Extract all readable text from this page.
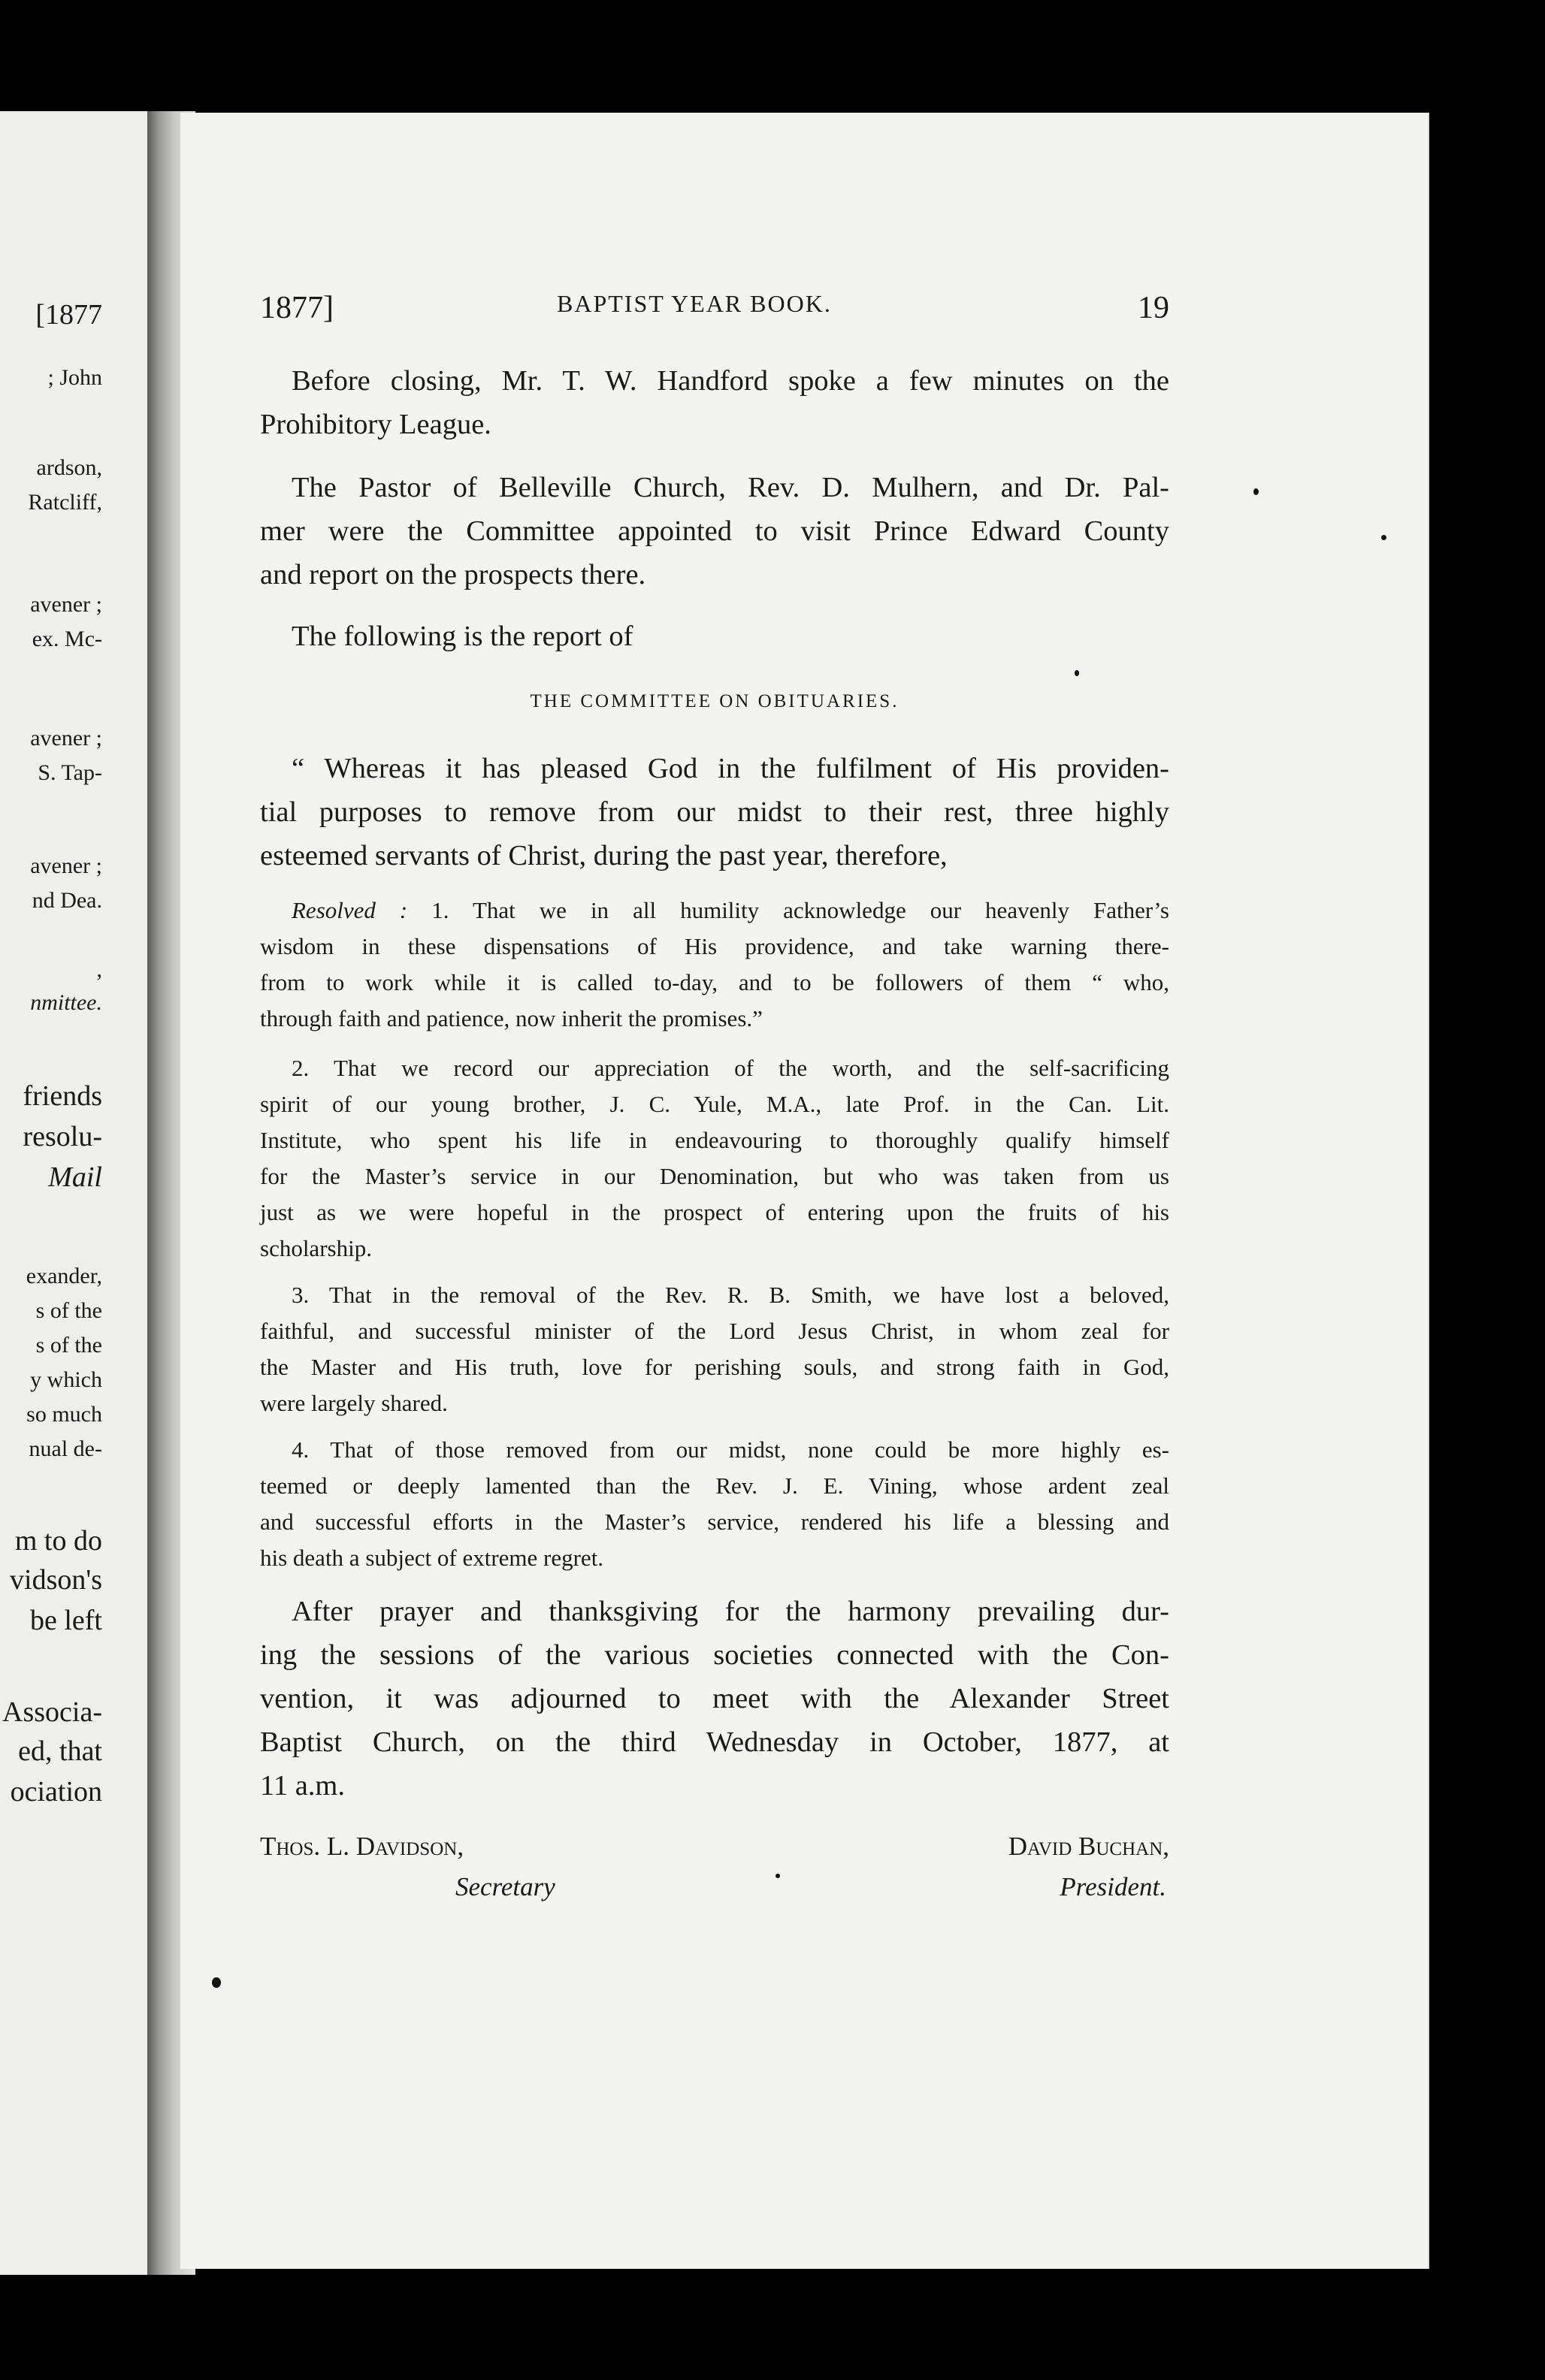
[1877
; John
ardson,
Ratcliff,
avener ;
ex. Mc-
avener ;
S. Tap-
avener ;
nd Dea.
,
nmittee.
friends
resolu-
Mail
exander,
s of the
s of the
y which
so much
nual de-
m to do
vidson's
be left
Associa-
ed, that
ociation
1877]	BAPTIST YEAR BOOK.	19
Before closing, Mr. T. W. Handford spoke a few minutes on the
Prohibitory League.
The Pastor of Belleville Church, Rev. D. Mulhern, and Dr. Pal-
mer were the Committee appointed to visit Prince Edward County
and report on the prospects there.
The following is the report of
THE COMMITTEE ON OBITUARIES.
“ Whereas it has pleased God in the fulfilment of His providen-
tial purposes to remove from our midst to their rest, three highly
esteemed servants of Christ, during the past year, therefore,
Resolved : 1. That we in all humility acknowledge our heavenly Father’s
wisdom in these dispensations of His providence, and take warning there-
from to work while it is called to-day, and to be followers of them “ who,
through faith and patience, now inherit the promises.”
2. That we record our appreciation of the worth, and the self-sacrificing
spirit of our young brother, J. C. Yule, M.A., late Prof. in the Can. Lit.
Institute, who spent his life in endeavouring to thoroughly qualify himself
for the Master’s service in our Denomination, but who was taken from us
just as we were hopeful in the prospect of entering upon the fruits of his
scholarship.
3. That in the removal of the Rev. R. B. Smith, we have lost a beloved,
faithful, and successful minister of the Lord Jesus Christ, in whom zeal for
the Master and His truth, love for perishing souls, and strong faith in God,
were largely shared.
4. That of those removed from our midst, none could be more highly es-
teemed or deeply lamented than the Rev. J. E. Vining, whose ardent zeal
and successful efforts in the Master’s service, rendered his life a blessing and
his death a subject of extreme regret.
After prayer and thanksgiving for the harmony prevailing dur-
ing the sessions of the various societies connected with the Con-
vention, it was adjourned to meet with the Alexander Street
Baptist Church, on the third Wednesday in October, 1877, at
11 a.m.
Thos. L. Davidson,
Secretary
David Buchan,
President.
